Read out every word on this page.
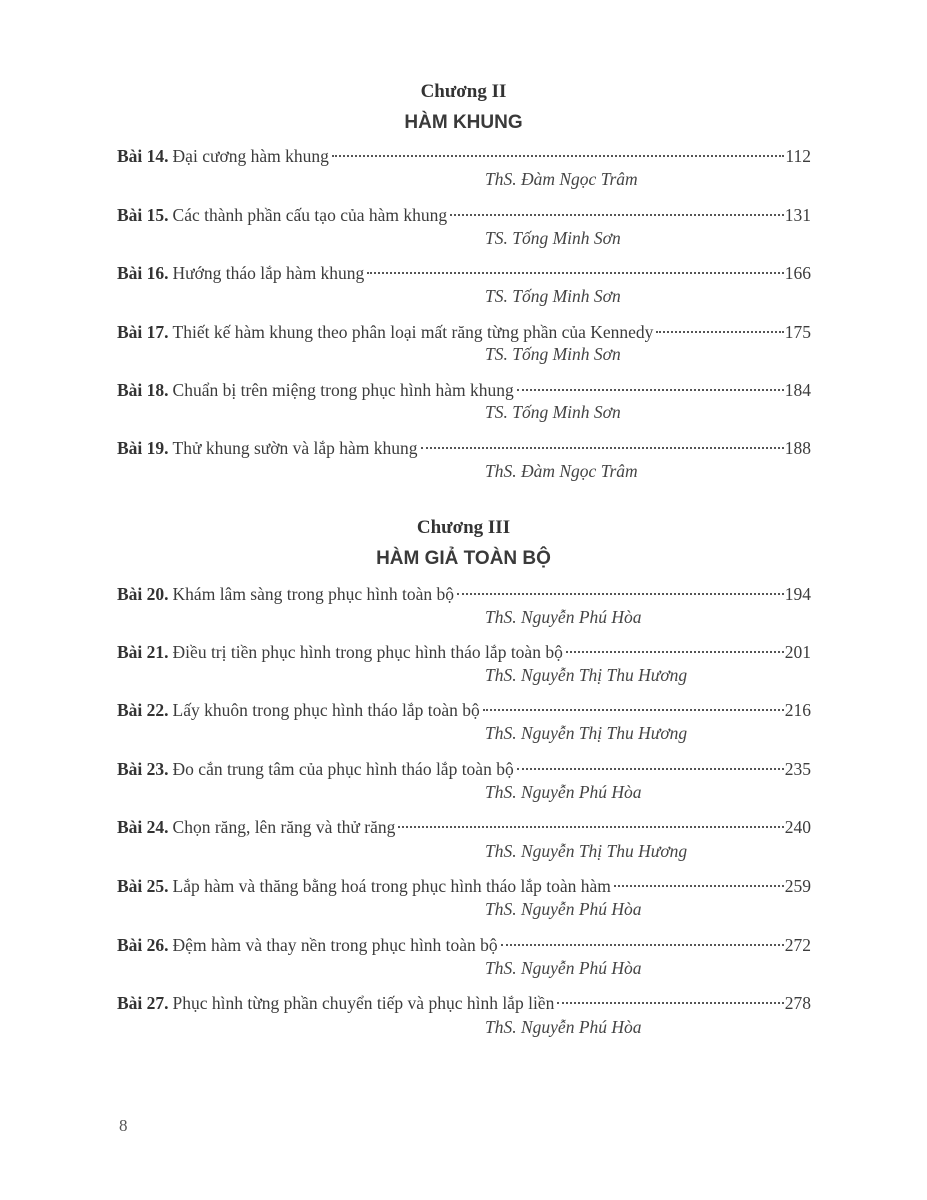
Chương II
HÀM KHUNG
Bài 14. Đại cương hàm khung	112
ThS. Đàm Ngọc Trâm
Bài 15. Các thành phần cấu tạo của hàm khung	131
TS. Tống Minh Sơn
Bài 16. Hướng tháo lắp hàm khung	166
TS. Tống Minh Sơn
Bài 17. Thiết kế hàm khung theo phân loại mất răng từng phần của Kennedy	175
TS. Tống Minh Sơn
Bài 18. Chuẩn bị trên miệng trong phục hình hàm khung	184
TS. Tống Minh Sơn
Bài 19. Thử khung sườn và lắp hàm khung	188
ThS. Đàm Ngọc Trâm
Chương III
HÀM GIẢ TOÀN BỘ
Bài 20. Khám lâm sàng trong phục hình toàn bộ	194
ThS. Nguyễn Phú Hòa
Bài 21. Điều trị tiền phục hình trong phục hình tháo lắp toàn bộ	201
ThS. Nguyễn Thị Thu Hương
Bài 22. Lấy khuôn trong phục hình tháo lắp toàn bộ	216
ThS. Nguyễn Thị Thu Hương
Bài 23. Đo cắn trung tâm của phục hình tháo lắp toàn bộ	235
ThS. Nguyễn Phú Hòa
Bài 24. Chọn răng, lên răng và thử răng	240
ThS. Nguyễn Thị Thu Hương
Bài 25. Lắp hàm và thăng bằng hoá trong phục hình tháo lắp toàn hàm	259
ThS. Nguyễn Phú Hòa
Bài 26. Đệm hàm và thay nền trong phục hình toàn bộ	272
ThS. Nguyễn Phú Hòa
Bài 27. Phục hình từng phần chuyển tiếp và phục hình lắp liền	278
ThS. Nguyễn Phú Hòa
8
